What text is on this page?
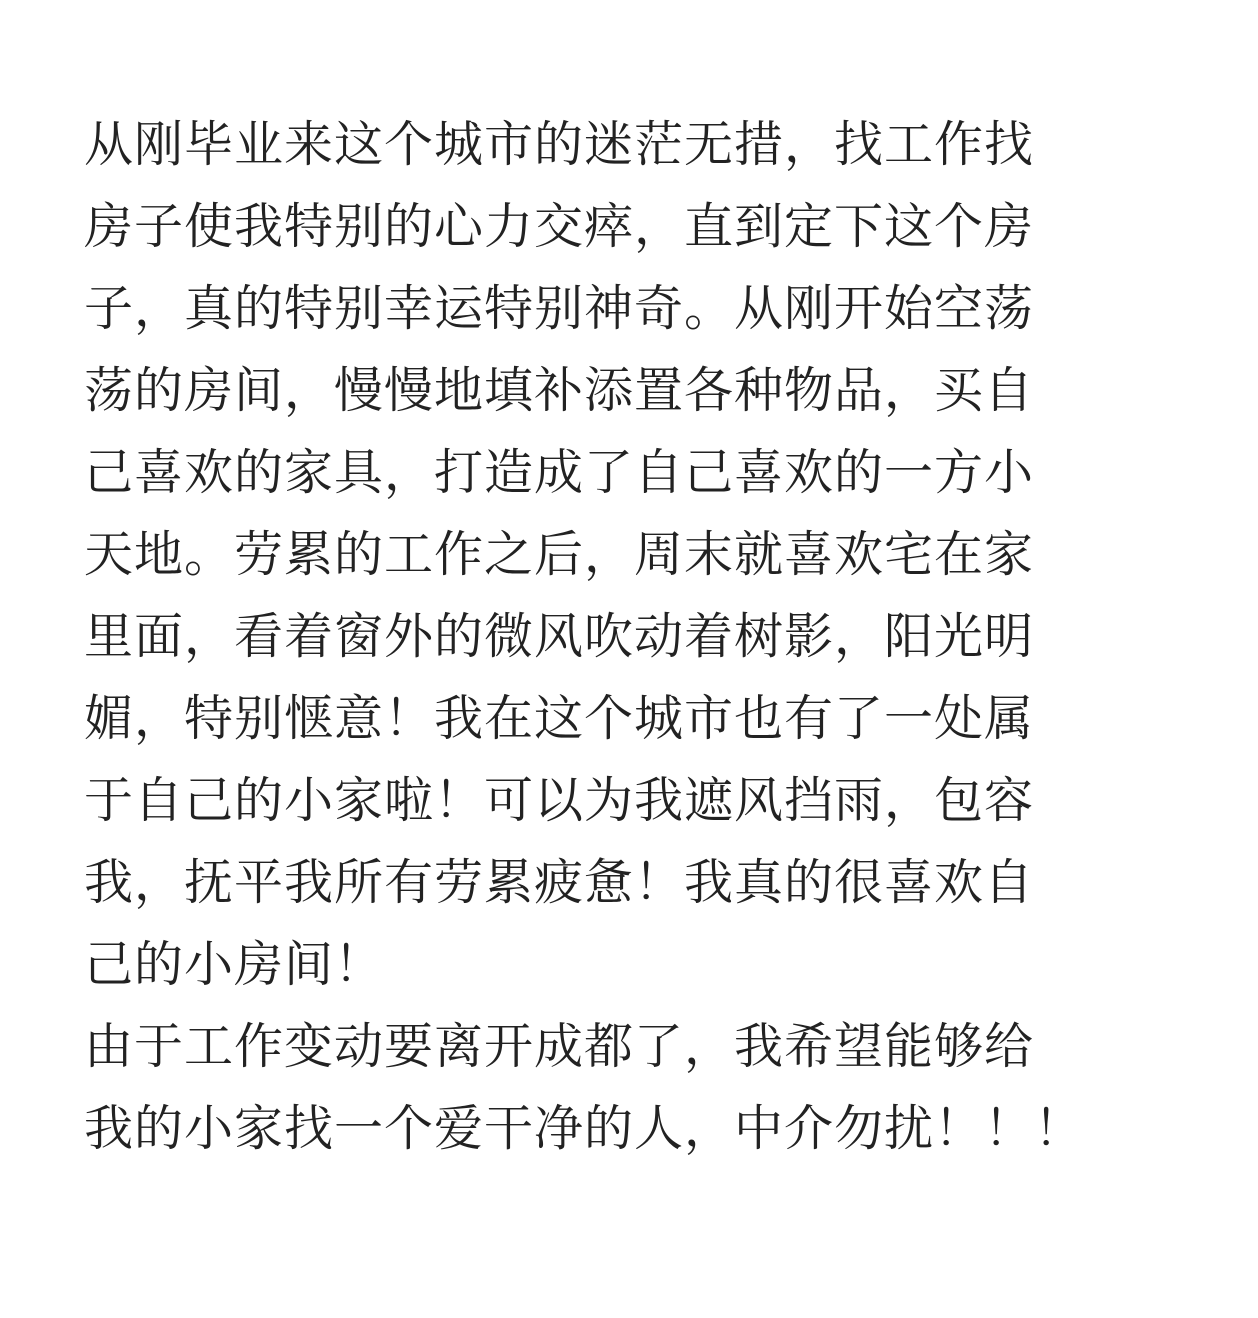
从刚毕业来这个城市的迷茫无措，找工作找
房子使我特别的心力交瘁，直到定下这个房
子，真的特别幸运特别神奇。从刚开始空荡
荡的房间，慢慢地填补添置各种物品，买自
己喜欢的家具，打造成了自己喜欢的一方小
天地。劳累的工作之后，周末就喜欢宅在家
里面，看着窗外的微风吹动着树影，阳光明
媚，特别惬意！我在这个城市也有了一处属
于自己的小家啦！可以为我遮风挡雨，包容
我，抚平我所有劳累疲惫！我真的很喜欢自
己的小房间！
由于工作变动要离开成都了，我希望能够给
我的小家找一个爱干净的人，中介勿扰！！！
